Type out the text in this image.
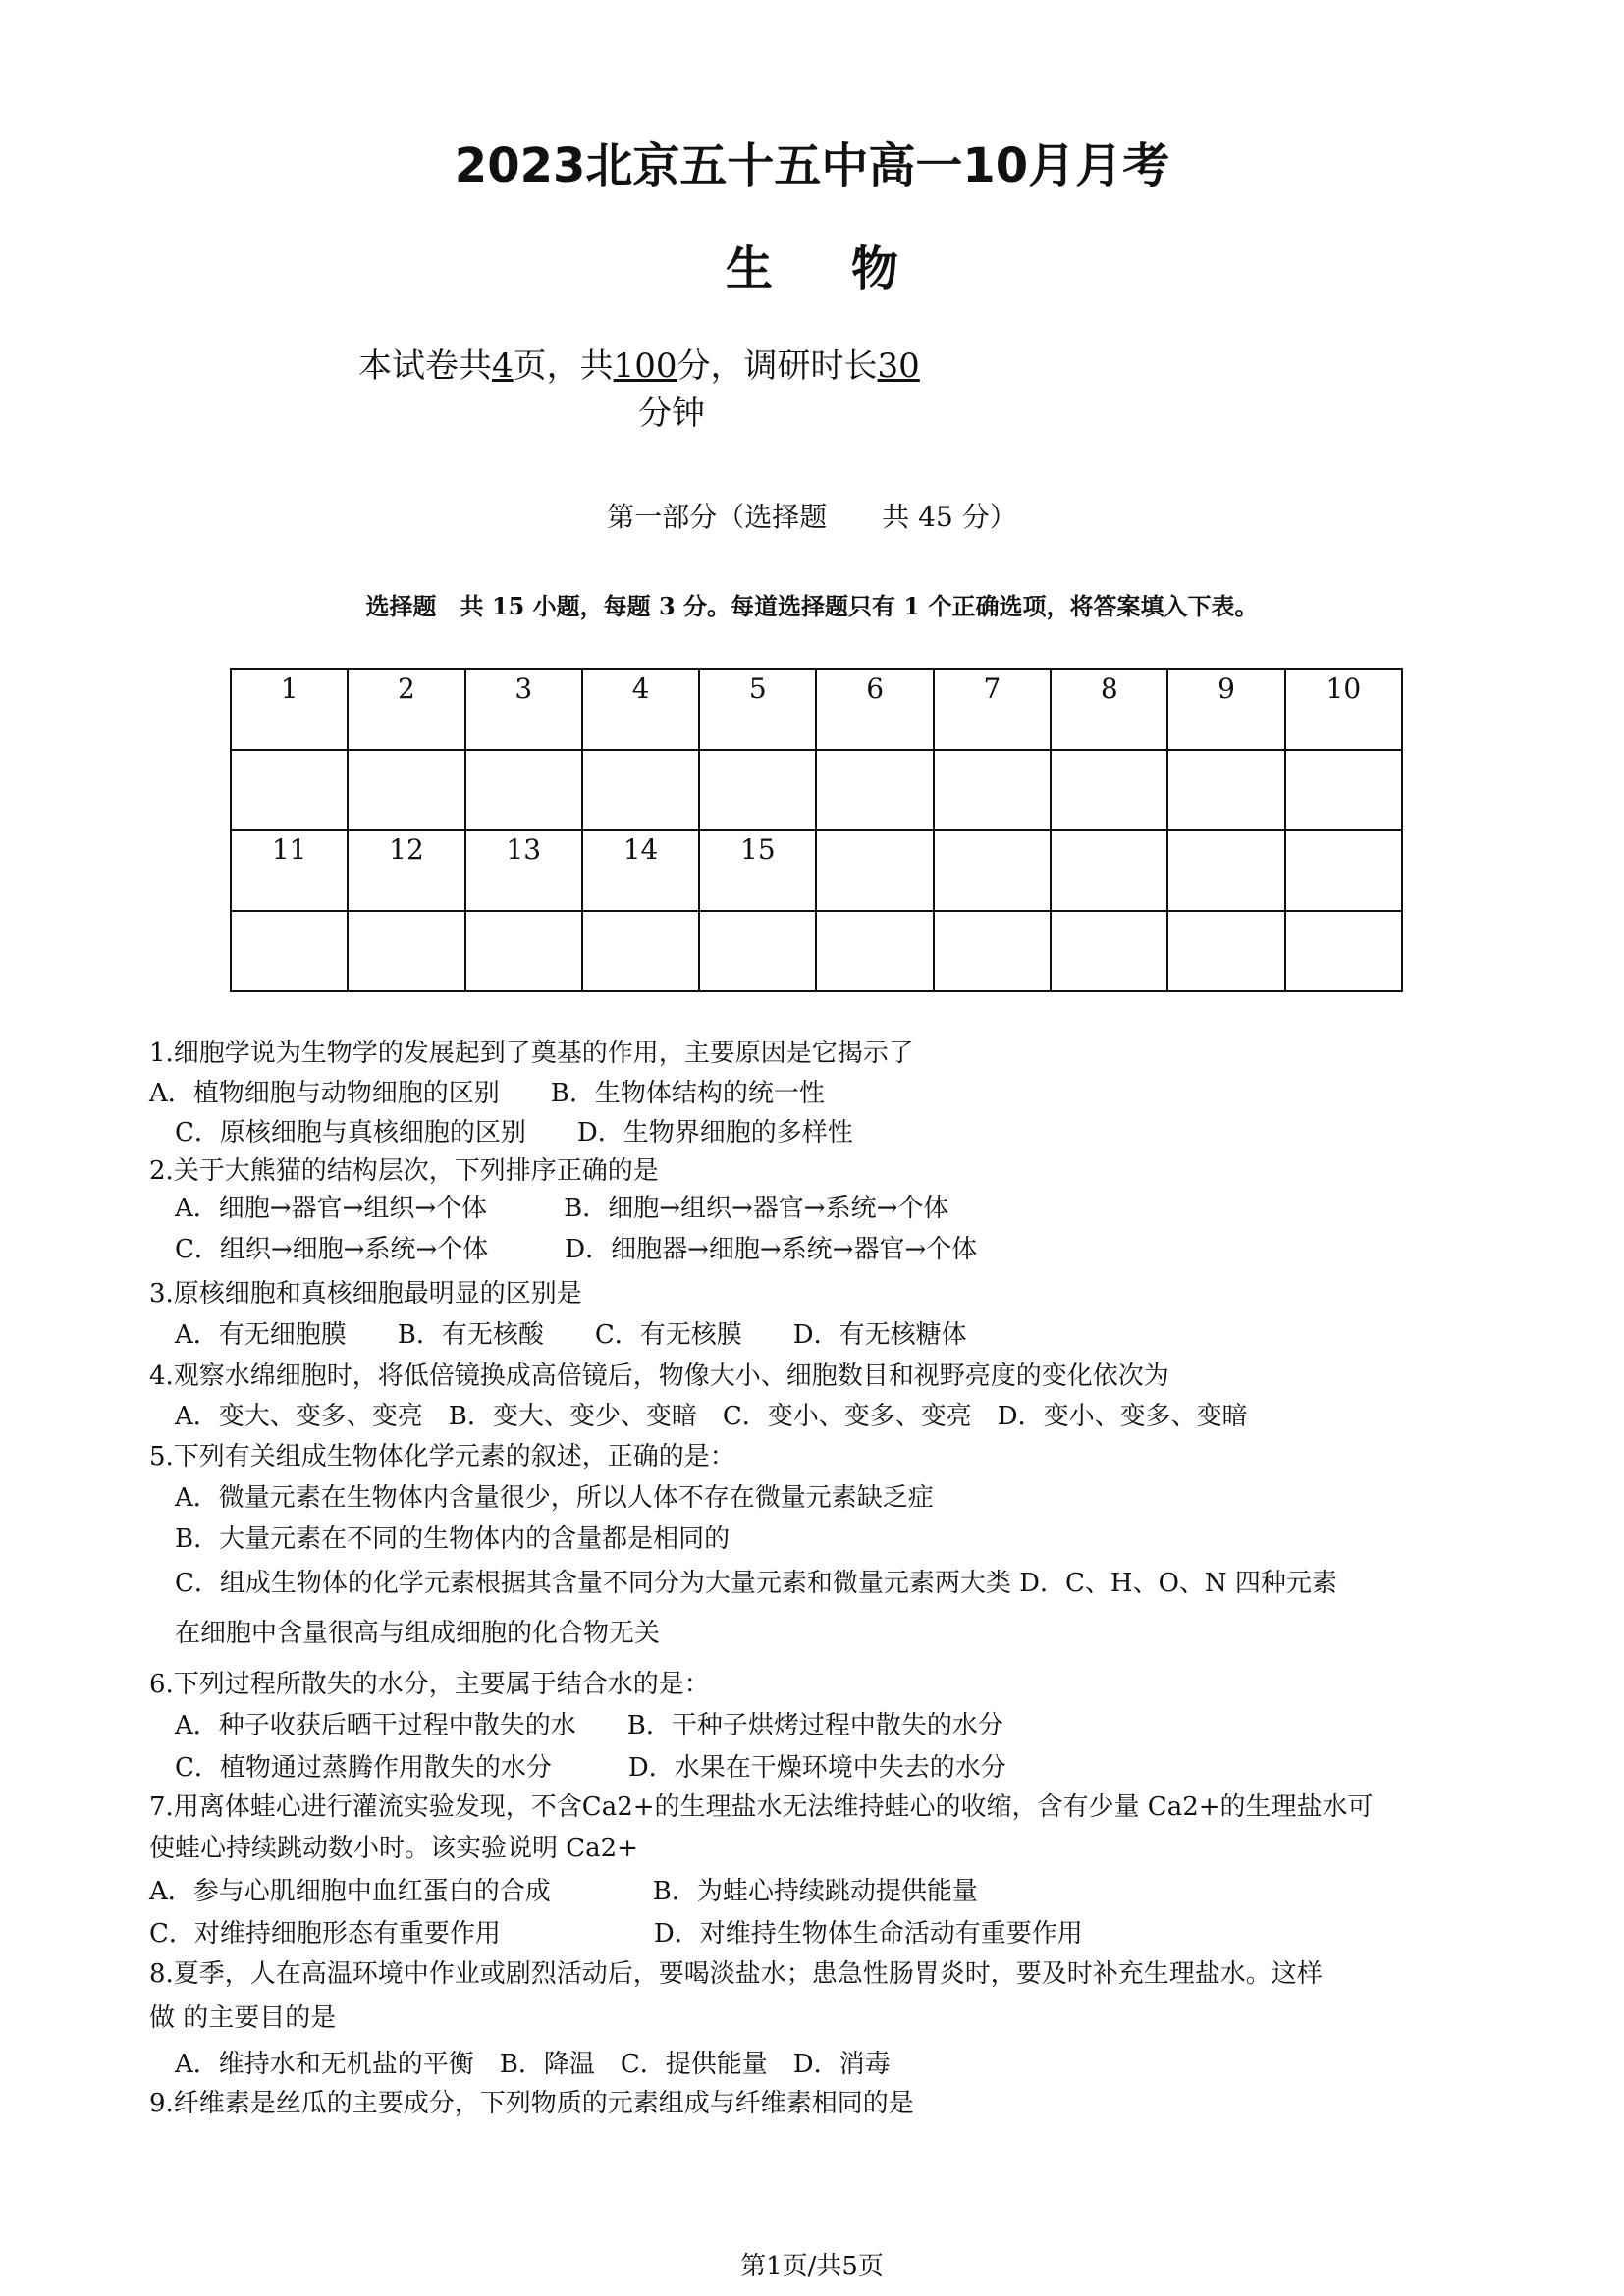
2023北京五十五中高一10月月考
生物
本试卷共4页，共100分，调研时长30
分钟
第一部分（选择题　　共 45 分）
选择题　共 15 小题，每题 3 分。每道选择题只有 1 个正确选项，将答案填入下表。
1	2	3	4	5	6	7	8	9	10

11	12	13	14	15					

1.细胞学说为生物学的发展起到了奠基的作用，主要原因是它揭示了
A．植物细胞与动物细胞的区别　　B．生物体结构的统一性
C．原核细胞与真核细胞的区别　　D．生物界细胞的多样性
2.关于大熊猫的结构层次，下列排序正确的是
A．细胞→器官→组织→个体　　　B．细胞→组织→器官→系统→个体
C．组织→细胞→系统→个体　　　D．细胞器→细胞→系统→器官→个体
3.原核细胞和真核细胞最明显的区别是
A．有无细胞膜　　B．有无核酸　　C．有无核膜　　D．有无核糖体
4.观察水绵细胞时，将低倍镜换成高倍镜后，物像大小、细胞数目和视野亮度的变化依次为
A．变大、变多、变亮　B．变大、变少、变暗　C．变小、变多、变亮　D．变小、变多、变暗
5.下列有关组成生物体化学元素的叙述，正确的是：
A．微量元素在生物体内含量很少，所以人体不存在微量元素缺乏症
B．大量元素在不同的生物体内的含量都是相同的
C．组成生物体的化学元素根据其含量不同分为大量元素和微量元素两大类 D．C、H、O、N 四种元素
在细胞中含量很高与组成细胞的化合物无关
6.下列过程所散失的水分，主要属于结合水的是：
A．种子收获后晒干过程中散失的水　　B．干种子烘烤过程中散失的水分
C．植物通过蒸腾作用散失的水分　　　D．水果在干燥环境中失去的水分
7.用离体蛙心进行灌流实验发现，不含Ca2+的生理盐水无法维持蛙心的收缩，含有少量 Ca2+的生理盐水可
使蛙心持续跳动数小时。该实验说明 Ca2+
A．参与心肌细胞中血红蛋白的合成　　　　B．为蛙心持续跳动提供能量
C．对维持细胞形态有重要作用　　　　　　D．对维持生物体生命活动有重要作用
8.夏季，人在高温环境中作业或剧烈活动后，要喝淡盐水；患急性肠胃炎时，要及时补充生理盐水。这样
做 的主要目的是
A．维持水和无机盐的平衡　B．降温　C．提供能量　D．消毒
9.纤维素是丝瓜的主要成分，下列物质的元素组成与纤维素相同的是
第1页/共5页
